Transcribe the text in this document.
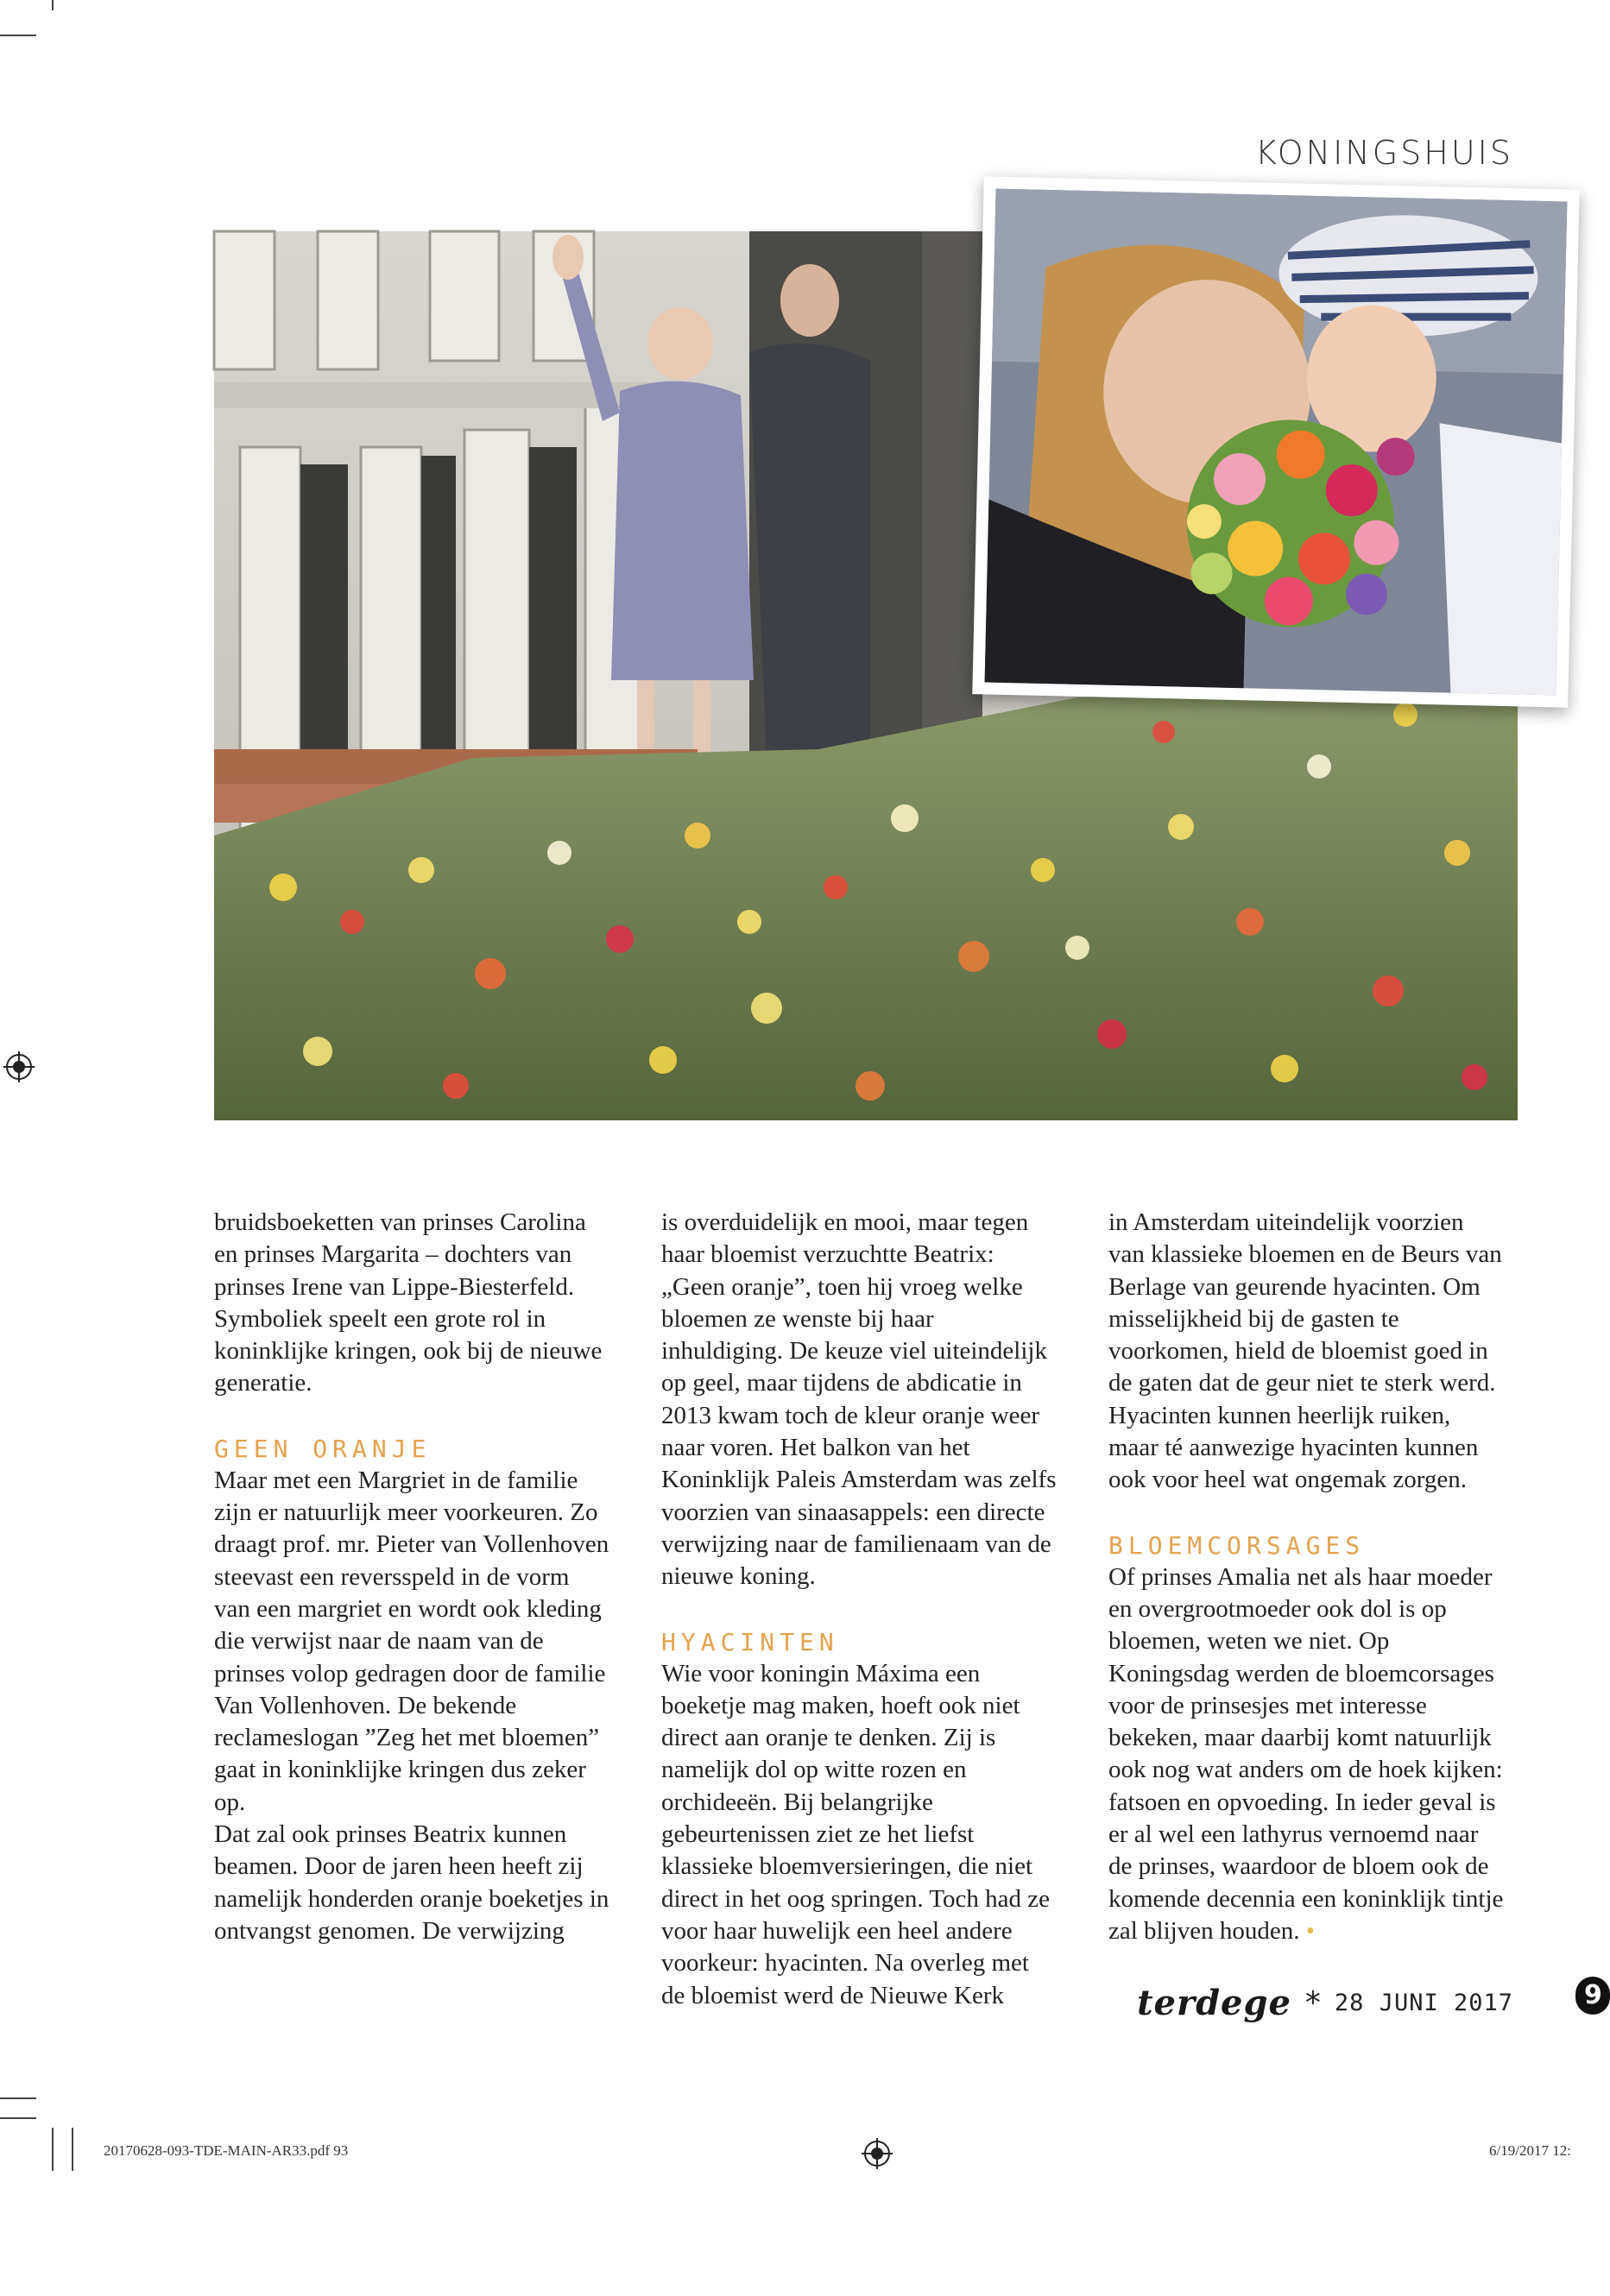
KONINGSHUIS

bruidsboeketten van prinses Carolina en prinses Margarita – dochters van prinses Irene van Lippe-Biesterfeld. Symboliek speelt een grote rol in koninklijke kringen, ook bij de nieuwe generatie.

GEEN ORANJE

Maar met een Margriet in de familie zijn er natuurlijk meer voorkeuren. Zo draagt prof. mr. Pieter van Vollenhoven steevast een reversspeld in de vorm van een margriet en wordt ook kleding die verwijst naar de naam van de prinses volop gedragen door de familie Van Vollenhoven. De bekende reclameslogan ”Zeg het met bloemen” gaat in koninklijke kringen dus zeker op.

Dat zal ook prinses Beatrix kunnen beamen. Door de jaren heen heeft zij namelijk honderden oranje boeketjes in ontvangst genomen. De verwijzing

is overduidelijk en mooi, maar tegen haar bloemist verzuchtte Beatrix: „Geen oranje”, toen hij vroeg welke bloemen ze wenste bij haar inhuldiging. De keuze viel uiteindelijk op geel, maar tijdens de abdicatie in 2013 kwam toch de kleur oranje weer naar voren. Het balkon van het Koninklijk Paleis Amsterdam was zelfs voorzien van sinaasappels: een directe verwijzing naar de familienaam van de nieuwe koning.

HYACINTEN

Wie voor koningin Máxima een boeketje mag maken, hoeft ook niet direct aan oranje te denken. Zij is namelijk dol op witte rozen en orchideeën. Bij belangrijke gebeurtenissen ziet ze het liefst klassieke bloemversieringen, die niet direct in het oog springen. Toch had ze voor haar huwelijk een heel andere voorkeur: hyacinten. Na overleg met de bloemist werd de Nieuwe Kerk

in Amsterdam uiteindelijk voorzien van klassieke bloemen en de Beurs van Berlage van geurende hyacinten. Om misselijkheid bij de gasten te voorkomen, hield de bloemist goed in de gaten dat de geur niet te sterk werd. Hyacinten kunnen heerlijk ruiken, maar té aanwezige hyacinten kunnen ook voor heel wat ongemak zorgen.

BLOEMCORSAGES

Of prinses Amalia net als haar moeder en overgrootmoeder ook dol is op bloemen, weten we niet. Op Koningsdag werden de bloemcorsages voor de prinsesjes met interesse bekeken, maar daarbij komt natuurlijk ook nog wat anders om de hoek kijken: fatsoen en opvoeding. In ieder geval is er al wel een lathyrus vernoemd naar de prinses, waardoor de bloem ook de komende decennia een koninklijk tintje zal blijven houden. •

terdege * 28 JUNI 2017	9
20170628-093-TDE-MAIN-AR33.pdf 93	6/19/2017 12:
